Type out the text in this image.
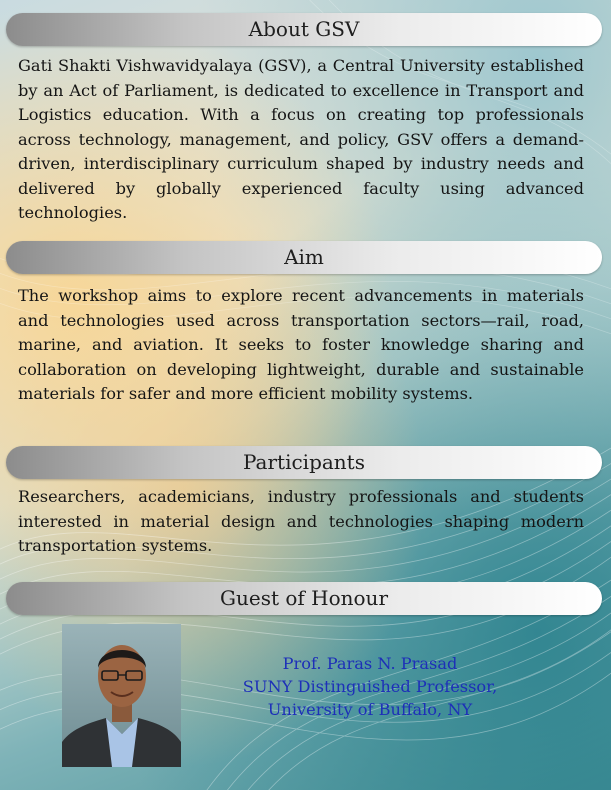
About GSV

Gati Shakti Vishwavidyalaya (GSV), a Central University established by an Act of Parliament, is dedicated to excellence in Transport and Logistics education. With a focus on creating top professionals across technology, management, and policy, GSV offers a demand-driven, interdisciplinary curriculum shaped by industry needs and delivered by globally experienced faculty using advanced technologies.

Aim

The workshop aims to explore recent advancements in materials and technologies used across transportation sectors—rail, road, marine, and aviation. It seeks to foster knowledge sharing and collaboration on developing lightweight, durable and sustainable materials for safer and more efficient mobility systems.

Participants

Researchers, academicians, industry professionals and students interested in material design and technologies shaping modern transportation systems.

Guest of Honour
Prof. Paras N. Prasad
SUNY Distinguished Professor,
University of Buffalo, NY
